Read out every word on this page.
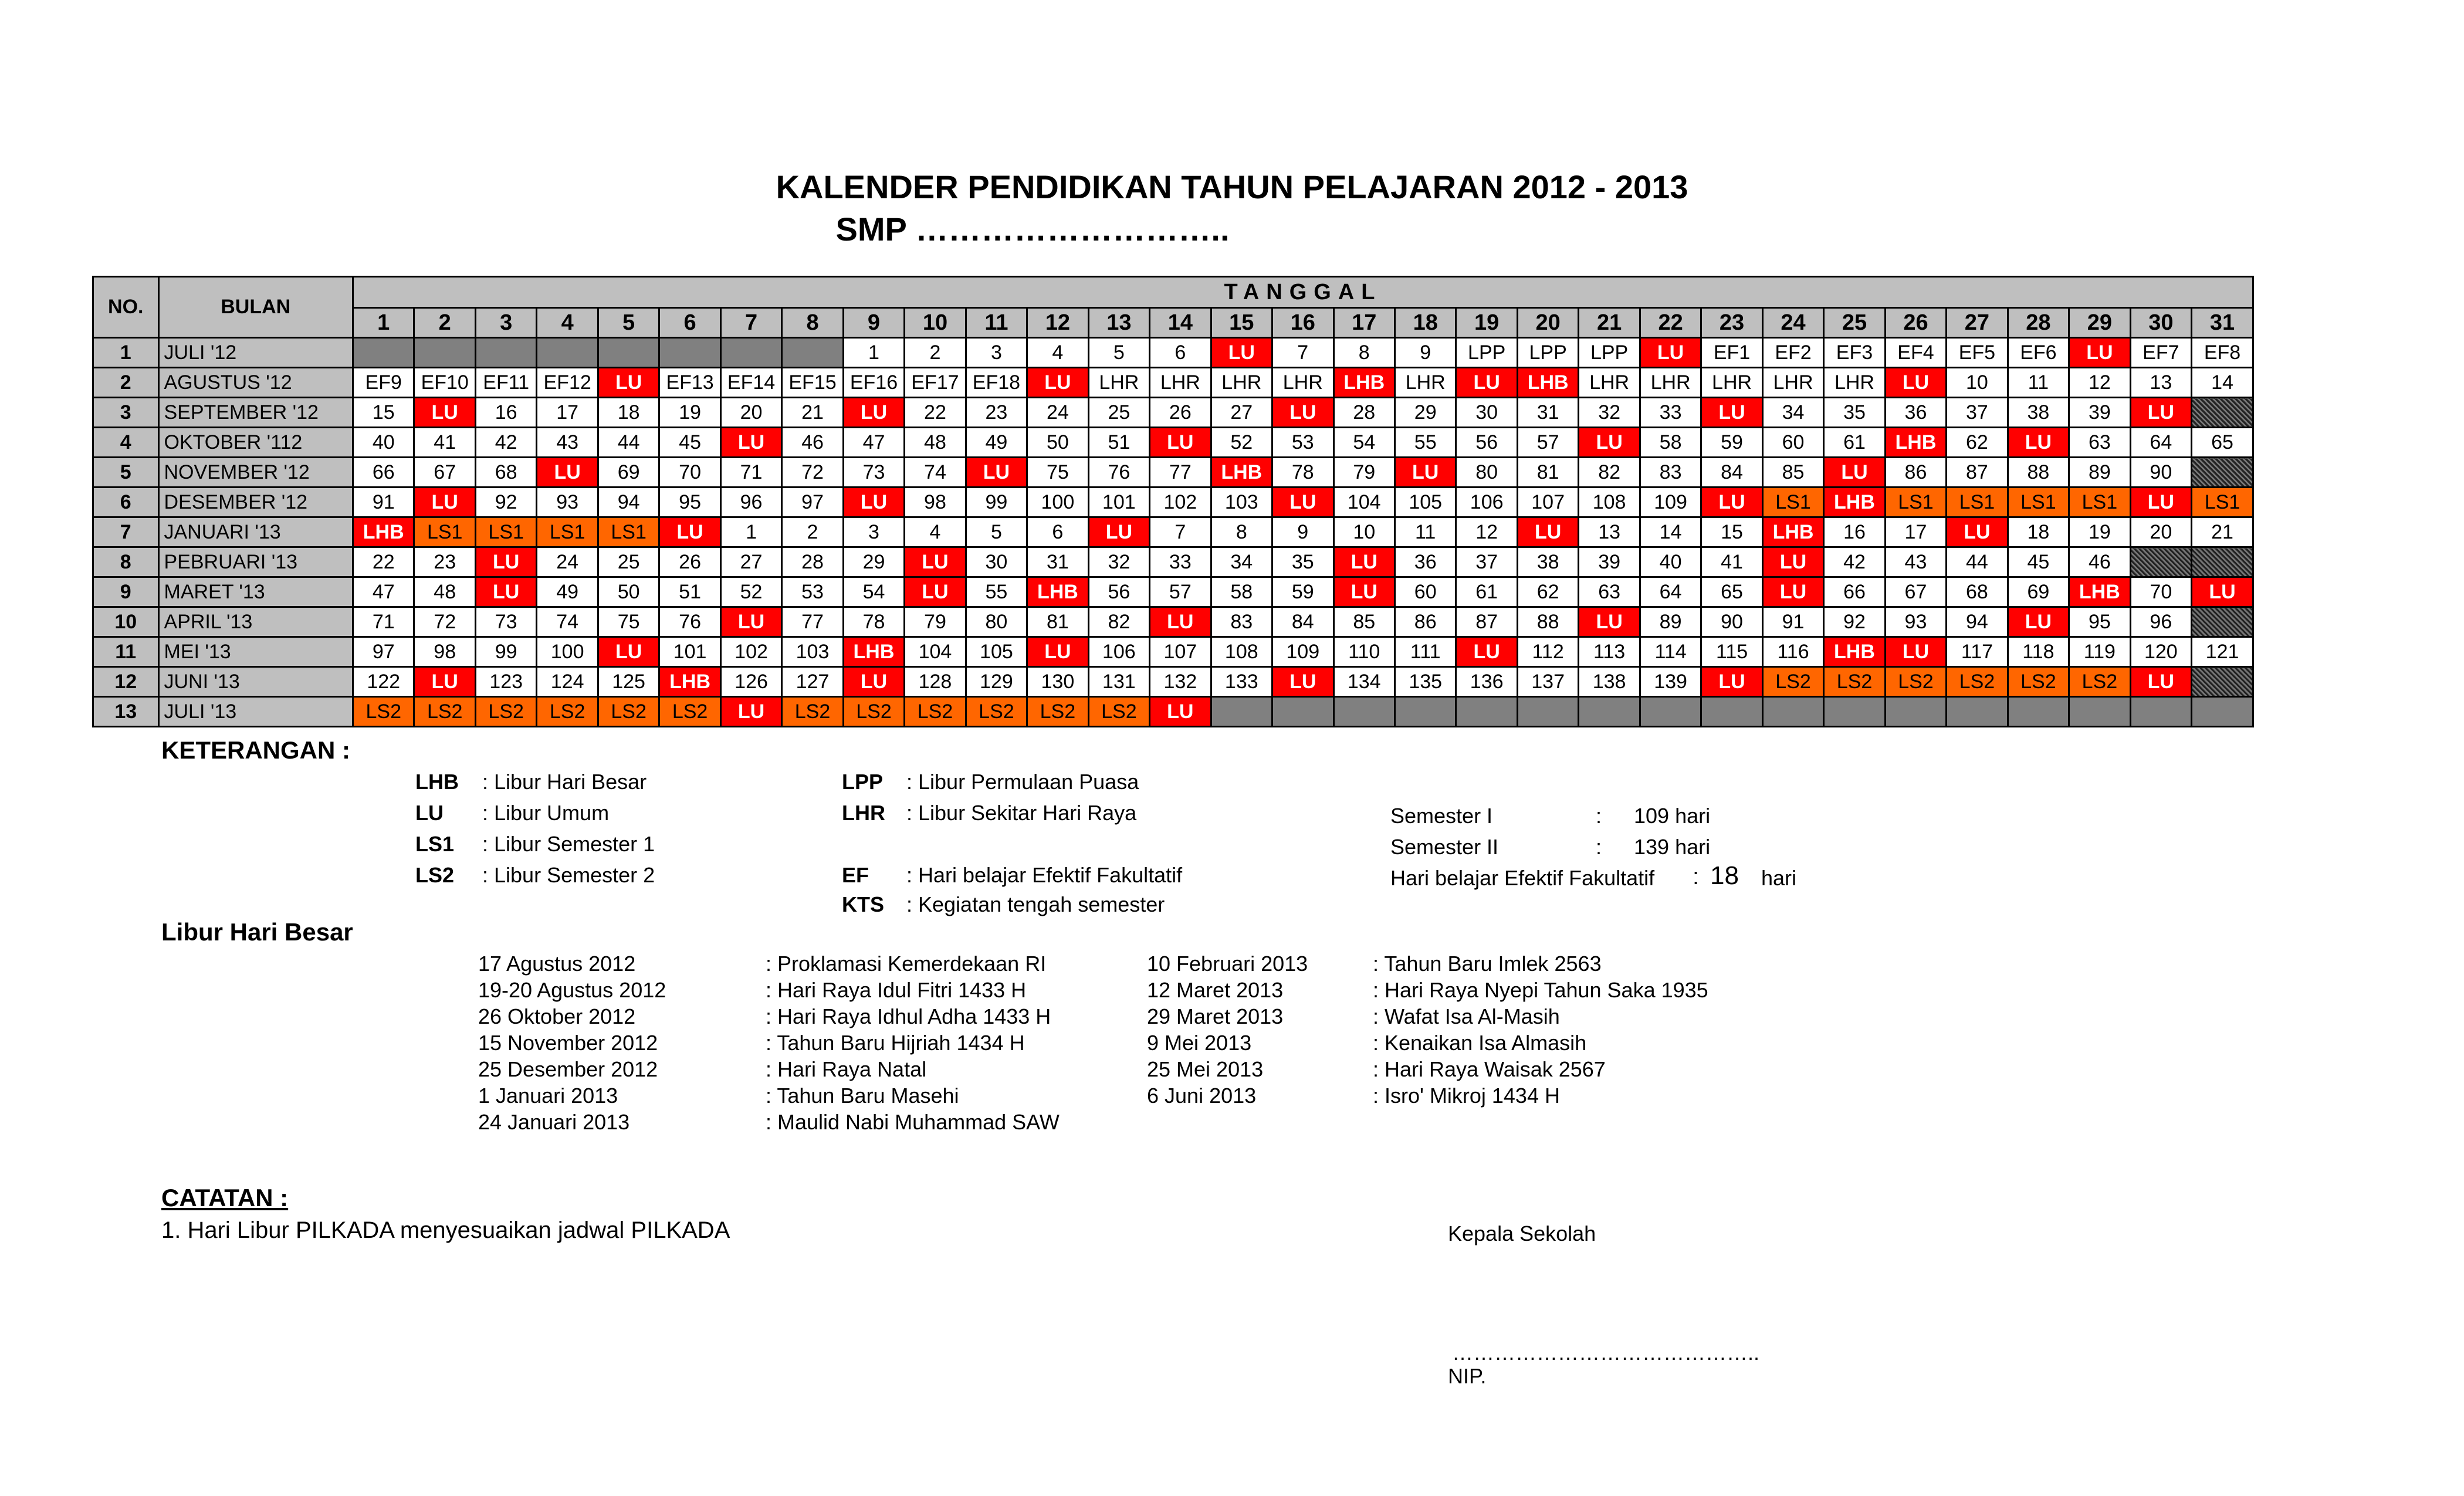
KALENDER PENDIDIKAN TAHUN PELAJARAN 2012 - 2013
SMP ………………………..
NO.	BULAN	TANGGAL																														
		1	2	3	4	5	6	7	8	9	10	11	12	13	14	15	16	17	18	19	20	21	22	23	24	25	26	27	28	29	30	31
1	JULI '12									1	2	3	4	5	6	LU	7	8	9	LPP	LPP	LPP	LU	EF1	EF2	EF3	EF4	EF5	EF6	LU	EF7	EF8
2	AGUSTUS '12	EF9	EF10	EF11	EF12	LU	EF13	EF14	EF15	EF16	EF17	EF18	LU	LHR	LHR	LHR	LHR	LHB	LHR	LU	LHB	LHR	LHR	LHR	LHR	LHR	LU	10	11	12	13	14
3	SEPTEMBER '12	15	LU	16	17	18	19	20	21	LU	22	23	24	25	26	27	LU	28	29	30	31	32	33	LU	34	35	36	37	38	39	LU	
4	OKTOBER '112	40	41	42	43	44	45	LU	46	47	48	49	50	51	LU	52	53	54	55	56	57	LU	58	59	60	61	LHB	62	LU	63	64	65
5	NOVEMBER '12	66	67	68	LU	69	70	71	72	73	74	LU	75	76	77	LHB	78	79	LU	80	81	82	83	84	85	LU	86	87	88	89	90	
6	DESEMBER '12	91	LU	92	93	94	95	96	97	LU	98	99	100	101	102	103	LU	104	105	106	107	108	109	LU	LS1	LHB	LS1	LS1	LS1	LS1	LU	LS1
7	JANUARI '13	LHB	LS1	LS1	LS1	LS1	LU	1	2	3	4	5	6	LU	7	8	9	10	11	12	LU	13	14	15	LHB	16	17	LU	18	19	20	21
8	PEBRUARI '13	22	23	LU	24	25	26	27	28	29	LU	30	31	32	33	34	35	LU	36	37	38	39	40	41	LU	42	43	44	45	46		
9	MARET '13	47	48	LU	49	50	51	52	53	54	LU	55	LHB	56	57	58	59	LU	60	61	62	63	64	65	LU	66	67	68	69	LHB	70	LU
10	APRIL '13	71	72	73	74	75	76	LU	77	78	79	80	81	82	LU	83	84	85	86	87	88	LU	89	90	91	92	93	94	LU	95	96	
11	MEI '13	97	98	99	100	LU	101	102	103	LHB	104	105	LU	106	107	108	109	110	111	LU	112	113	114	115	116	LHB	LU	117	118	119	120	121
12	JUNI '13	122	LU	123	124	125	LHB	126	127	LU	128	129	130	131	132	133	LU	134	135	136	137	138	139	LU	LS2	LS2	LS2	LS2	LS2	LS2	LU	
13	JULI '13	LS2	LS2	LS2	LS2	LS2	LS2	LU	LS2	LS2	LS2	LS2	LS2	LS2	LU																	
KETERANGAN :
LHB : Libur Hari Besar
LU : Libur Umum
LS1 : Libur Semester 1
LS2 : Libur Semester 2
LPP : Libur Permulaan Puasa
LHR : Libur Sekitar Hari Raya
EF : Hari belajar Efektif Fakultatif
KTS : Kegiatan tengah semester
Semester I	: 109 hari
Semester II	: 139 hari
Hari belajar Efektif Fakultatif : 18 hari
Libur Hari Besar
17 Agustus 2012	: Proklamasi Kemerdekaan RI
19-20 Agustus 2012	: Hari Raya Idul Fitri 1433 H
26 Oktober 2012	: Hari Raya Idhul Adha 1433 H
15 November 2012	: Tahun Baru Hijriah 1434 H
25 Desember 2012	: Hari Raya Natal
1 Januari 2013	: Tahun Baru Masehi
24 Januari 2013	: Maulid Nabi Muhammad SAW
10 Februari 2013	: Tahun Baru Imlek 2563
12 Maret 2013	: Hari Raya Nyepi Tahun Saka 1935
29 Maret 2013	: Wafat Isa Al-Masih
9 Mei 2013	: Kenaikan Isa Almasih
25 Mei 2013	: Hari Raya Waisak 2567
6 Juni 2013	: Isro' Mikroj 1434 H
CATATAN :
1. Hari Libur PILKADA menyesuaikan jadwal PILKADA	Kepala Sekolah
……………………………………..
NIP.
